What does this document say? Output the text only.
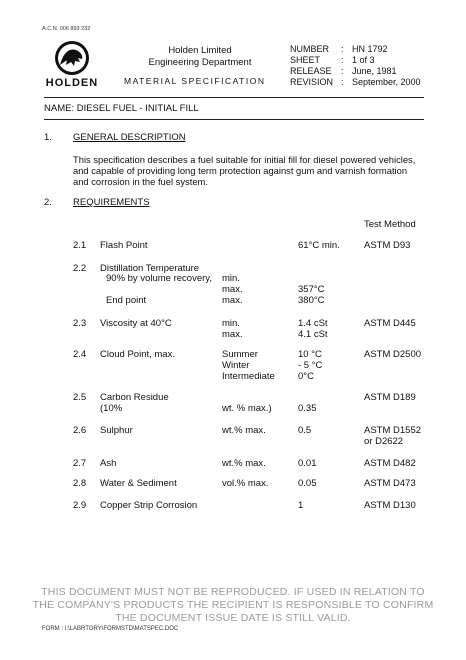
A.C.N. 006 893 232
HOLDEN
Holden Limited
Engineering Department
MATERIAL SPECIFICATION
NUMBER : HN 1792
SHEET : 1 of 3
RELEASE : June, 1981
REVISION : September, 2000
NAME: DIESEL FUEL - INITIAL FILL
1. GENERAL DESCRIPTION
This specification describes a fuel suitable for initial fill for diesel powered vehicles, and capable of providing long term protection against gum and varnish formation and corrosion in the fuel system.
2. REQUIREMENTS
Test Method
2.1 Flash Point	61°C min.	ASTM D93
2.2 Distillation Temperature
90% by volume recovery, min.
max.	357°C
End point	max.	380°C
2.3 Viscosity at 40°C	min.	1.4 cSt	ASTM D445
max.	4.1 cSt
2.4 Cloud Point, max.	Summer	10 °C	ASTM D2500
Winter	- 5 °C
Intermediate 0°C
2.5 Carbon Residue	ASTM D189
(10%	wt. % max.)	0.35
2.6 Sulphur	wt.% max.	0.5	ASTM D1552
or D2622
2.7 Ash	wt.% max.	0.01	ASTM D482
2.8 Water & Sediment	vol.% max.	0.05	ASTM D473
2.9 Copper Strip Corrosion	1	ASTM D130
THIS DOCUMENT MUST NOT BE REPRODUCED. IF USED IN RELATION TO
THE COMPANY'S PRODUCTS THE RECIPIENT IS RESPONSIBLE TO CONFIRM
THE DOCUMENT ISSUE DATE IS STILL VALID.
FORM : I:\LABRTORY\FORMSTD\MATSPEC.DOC
